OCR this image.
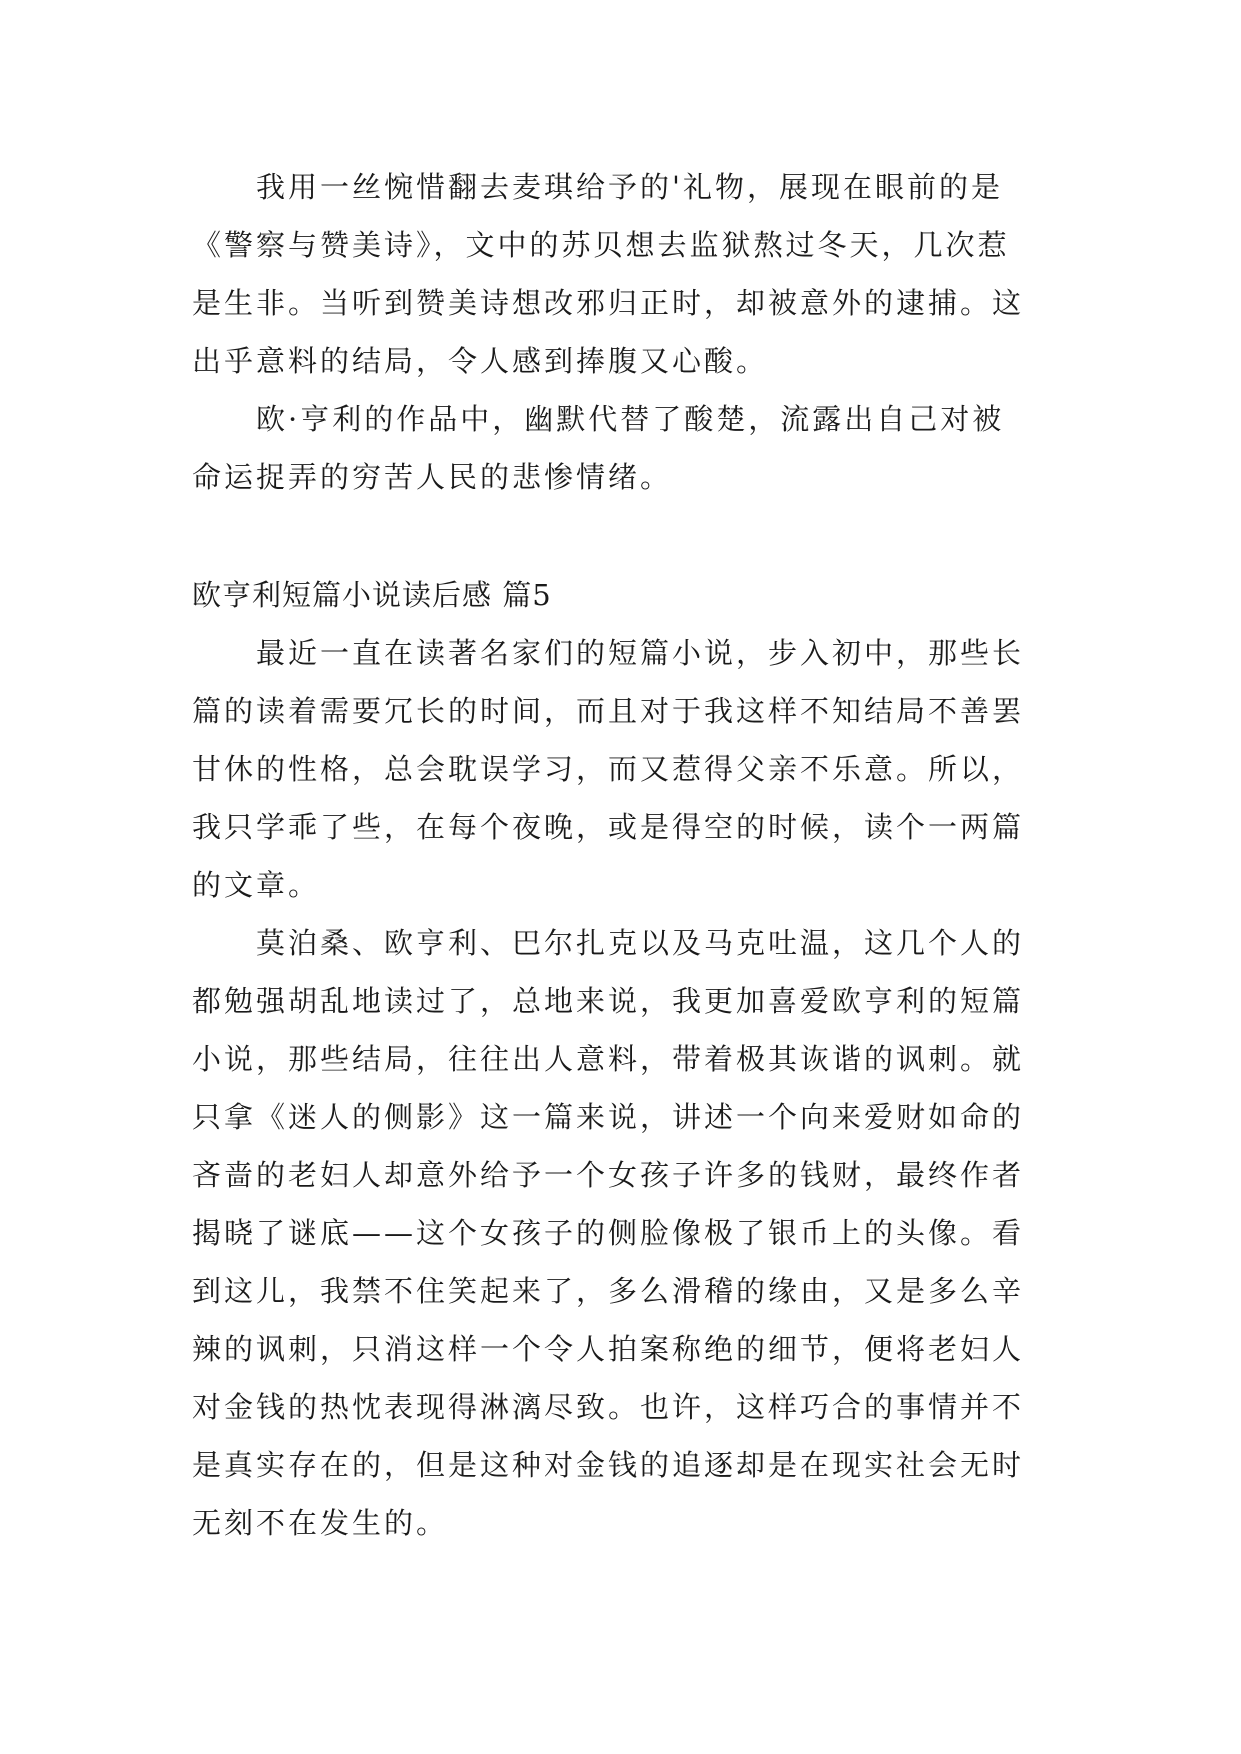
我用一丝惋惜翻去麦琪给予的'礼物，展现在眼前的是
《警察与赞美诗》，文中的苏贝想去监狱熬过冬天，几次惹
是生非。当听到赞美诗想改邪归正时，却被意外的逮捕。这
出乎意料的结局，令人感到捧腹又心酸。
欧·亨利的作品中，幽默代替了酸楚，流露出自己对被
命运捉弄的穷苦人民的悲惨情绪。
欧亨利短篇小说读后感 篇5
最近一直在读著名家们的短篇小说，步入初中，那些长
篇的读着需要冗长的时间，而且对于我这样不知结局不善罢
甘休的性格，总会耽误学习，而又惹得父亲不乐意。所以，
我只学乖了些，在每个夜晚，或是得空的时候，读个一两篇
的文章。
莫泊桑、欧亨利、巴尔扎克以及马克吐温，这几个人的
都勉强胡乱地读过了，总地来说，我更加喜爱欧亨利的短篇
小说，那些结局，往往出人意料，带着极其诙谐的讽刺。就
只拿《迷人的侧影》这一篇来说，讲述一个向来爱财如命的
吝啬的老妇人却意外给予一个女孩子许多的钱财，最终作者
揭晓了谜底——这个女孩子的侧脸像极了银币上的头像。看
到这儿，我禁不住笑起来了，多么滑稽的缘由，又是多么辛
辣的讽刺，只消这样一个令人拍案称绝的细节，便将老妇人
对金钱的热忱表现得淋漓尽致。也许，这样巧合的事情并不
是真实存在的，但是这种对金钱的追逐却是在现实社会无时
无刻不在发生的。
